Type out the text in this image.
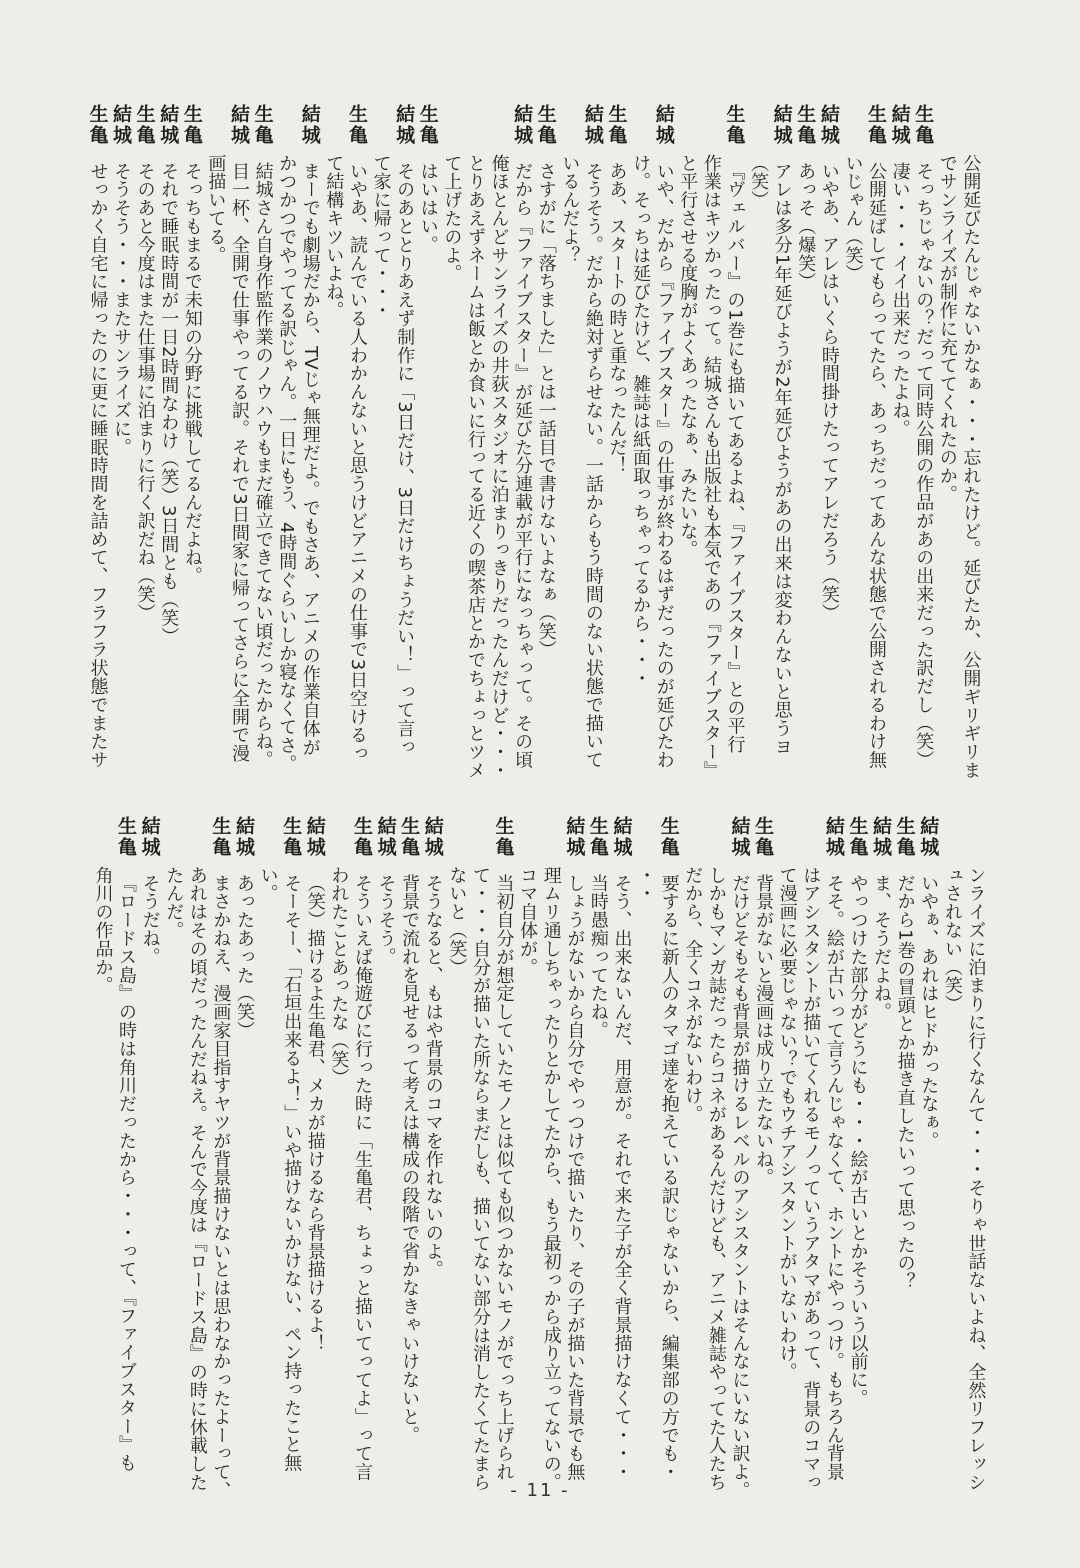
公開延びたんじゃないかなぁ・・・忘れたけど。延びたか、公開ギリギリま
でサンライズが制作に充ててくれたのか。
生亀
そっちじゃないの？だって同時公開の作品があの出来だった訳だし（笑）
結城
凄い・・・イイ出来だったよね。
生亀
公開延ばしてもらってたら、あっちだってあんな状態で公開されるわけ無
いじゃん（笑）
結城
いやあ、アレはいくら時間掛けたってアレだろう（笑）
生亀
あっそ（爆笑）
結城
アレは多分1年延びようが2年延びようがあの出来は変わんないと思うヨ
（笑）
生亀
『ヴェルバー』の1巻にも描いてあるよね、『ファイブスター』との平行
作業はキツかったって。結城さんも出版社も本気であの『ファイブスター』
と平行させる度胸がよくあったなぁ、みたいな。
結城
いや、だから『ファイブスター』の仕事が終わるはずだったのが延びたわ
け。そっちは延びたけど、雑誌は紙面取っちゃってるから・・・
生亀
ああ、スタートの時と重なったんだ！
結城
そうそう。だから絶対ずらせない。一話からもう時間のない状態で描いて
いるんだよ？
生亀
さすがに「落ちました」とは一話目で書けないよなぁ（笑）
結城
だから『ファイブスター』が延びた分連載が平行になっちゃって。その頃
俺ほとんどサンライズの井荻スタジオに泊まりっきりだったんだけど・・・
とりあえずネームは飯とか食いに行ってる近くの喫茶店とかでちょっとツメ
て上げたのよ。
生亀
はいはい。
結城
そのあととりあえず制作に「3日だけ、3日だけちょうだい！」って言っ
て家に帰って・・・
生亀
いやあ、読んでいる人わかんないと思うけどアニメの仕事で3日空けるっ
て結構キツいよね。
結城
まーでも劇場だから、TVじゃ無理だよ。でもさあ、アニメの作業自体が
かつかつでやってる訳じゃん。一日にもう、4時間ぐらいしか寝なくてさ。
生亀
結城さん自身作監作業のノウハウもまだ確立できてない頃だったからね。
結城
目一杯、全開で仕事やってる訳。それで3日間家に帰ってさらに全開で漫
画描いてる。
生亀
そっちもまるで未知の分野に挑戦してるんだよね。
結城
それで睡眠時間が一日2時間なわけ（笑）3日間とも（笑）
生亀
そのあと今度はまた仕事場に泊まりに行く訳だね（笑）
結城
そうそう・・・またサンライズに。
生亀
せっかく自宅に帰ったのに更に睡眠時間を詰めて、フラフラ状態でまたサ
ンライズに泊まりに行くなんて・・・そりゃ世話ないよね、全然リフレッシ
ュされない（笑）
結城
いやぁ、あれはヒドかったなぁ。
生亀
だから1巻の冒頭とか描き直したいって思ったの？
結城
ま、そうだよね。
生亀
やっつけた部分がどうにも・・・絵が古いとかそういう以前に。
結城
そそ。絵が古いって言うんじゃなくて、ホントにやっつけ。もちろん背景
はアシスタントが描いてくれるモノっていうアタマがあって、背景のコマっ
て漫画に必要じゃない？でもウチアシスタントがいないわけ。
生亀
背景がないと漫画は成り立たないね。
結城
だけどそもそも背景が描けるレベルのアシスタントはそんなにいない訳よ。
しかもマンガ誌だったらコネがあるんだけども、アニメ雑誌やってた人たち
だから、全くコネがないわけ。
生亀
要するに新人のタマゴ達を抱えている訳じゃないから、編集部の方でも・
・・
結城
そう、出来ないんだ、用意が。それで来た子が全く背景描けなくて・・・
生亀
当時愚痴ってたね。
結城
しょうがないから自分でやっつけで描いたり、その子が描いた背景でも無
理ムリ通しちゃったりとかしてたから、もう最初っから成り立ってないの。
コマ自体が。
生亀
当初自分が想定していたモノとは似ても似つかないモノがでっち上げられ
て・・・自分が描いた所ならまだしも、描いてない部分は消したくてたまら
ないと（笑）
結城
そうなると、もはや背景のコマを作れないのよ。
生亀
背景で流れを見せるって考えは構成の段階で省かなきゃいけないと。
結城
そうそう。
生亀
そういえば俺遊びに行った時に「生亀君、ちょっと描いてってよ」って言
われたことあったな（笑）
結城
（笑）描けるよ生亀君、メカが描けるなら背景描けるよ！
生亀
そーそー、「石垣出来るよ！」いや描けないかけない、ペン持ったこと無
い。
結城
あったあった（笑）
生亀
まさかねえ、漫画家目指すヤツが背景描けないとは思わなかったよーって、
あれはその頃だったんだねえ。そんで今度は『ロードス島』の時に休載した
たんだ。
結城
そうだね。
生亀
『ロードス島』の時は角川だったから・・・って、『ファイブスター』も
角川の作品か。
- 11 -
